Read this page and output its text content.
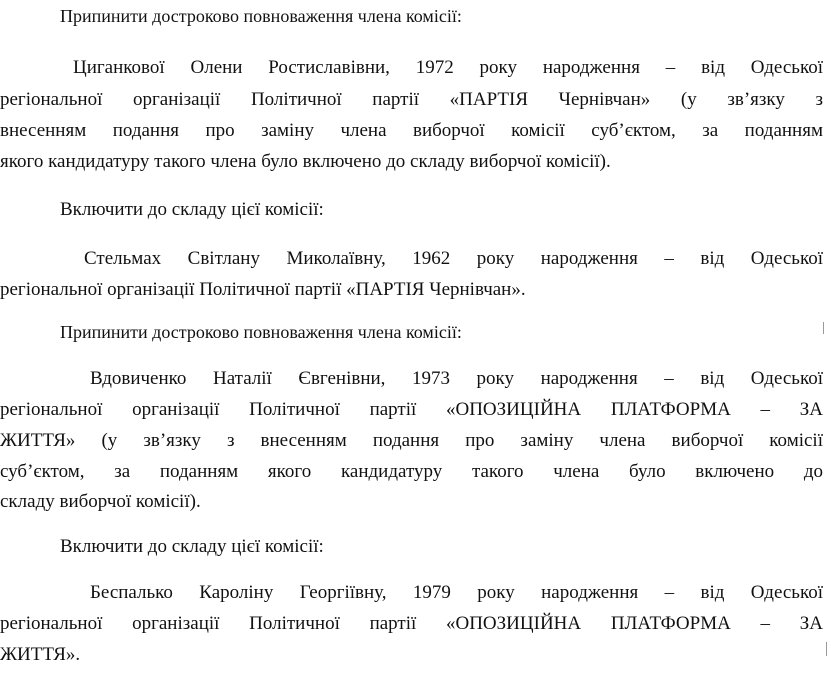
Припинити достроково повноваження члена комісії:
Циганкової Олени Ростиславівни, 1972 року народження – від Одеської
регіональної організації Політичної партії «ПАРТІЯ Чернівчан» (у зв’язку з
внесенням подання про заміну члена виборчої комісії суб’єктом, за поданням
якого кандидатуру такого члена було включено до складу виборчої комісії).
Включити до складу цієї комісії:
Стельмах Світлану Миколаївну, 1962 року народження – від Одеської
регіональної організації Політичної партії «ПАРТІЯ Чернівчан».
Припинити достроково повноваження члена комісії:
Вдовиченко Наталії Євгенівни, 1973 року народження – від Одеської
регіональної організації Політичної партії «ОПОЗИЦІЙНА ПЛАТФОРМА – ЗА
ЖИТТЯ» (у зв’язку з внесенням подання про заміну члена виборчої комісії
суб’єктом, за поданням якого кандидатуру такого члена було включено до
складу виборчої комісії).
Включити до складу цієї комісії:
Беспалько Кароліну Георгіївну, 1979 року народження – від Одеської
регіональної організації Політичної партії «ОПОЗИЦІЙНА ПЛАТФОРМА – ЗА
ЖИТТЯ».
